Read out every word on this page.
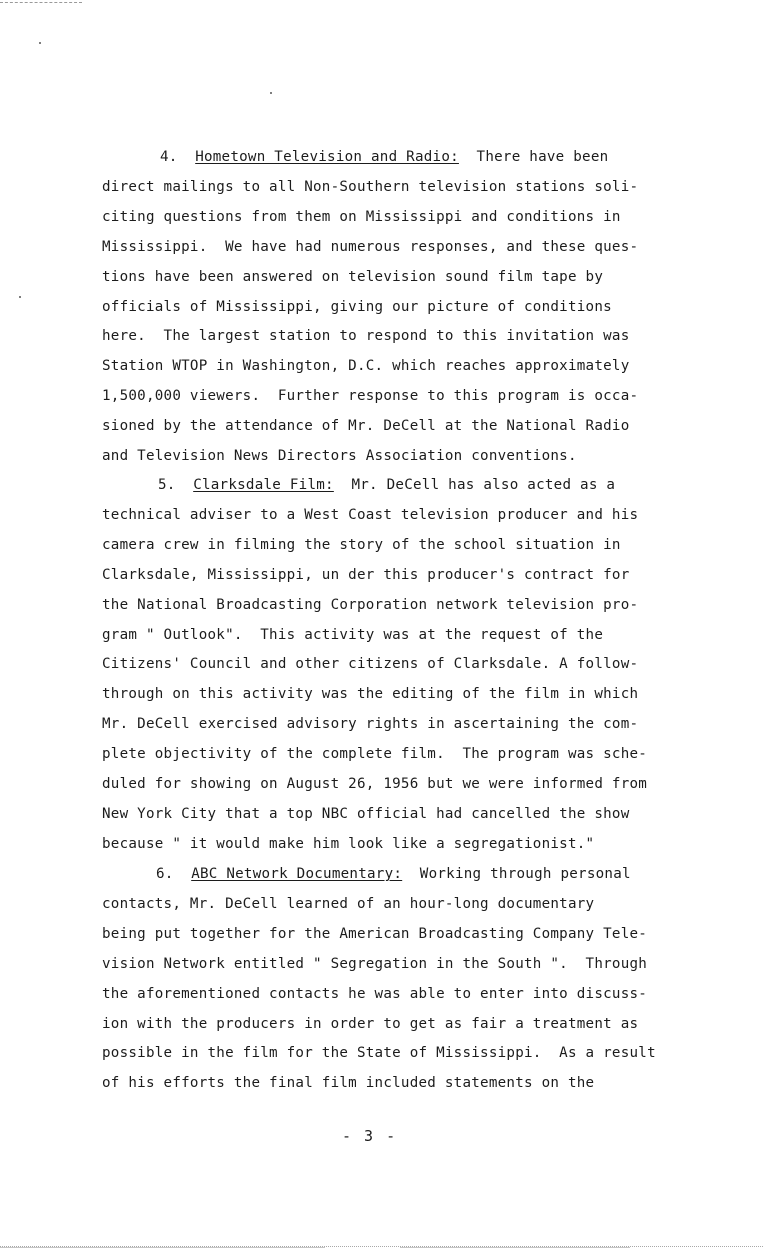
4. Hometown Television and Radio: There have been
direct mailings to all Non-Southern television stations soli-
citing questions from them on Mississippi and conditions in
Mississippi.  We have had numerous responses, and these ques-
tions have been answered on television sound film tape by
officials of Mississippi, giving our picture of conditions
here.  The largest station to respond to this invitation was
Station WTOP in Washington, D.C. which reaches approximately
1,500,000 viewers.  Further response to this program is occa-
sioned by the attendance of Mr. DeCell at the National Radio
and Television News Directors Association conventions.
5. Clarksdale Film: Mr. DeCell has also acted as a
technical adviser to a West Coast television producer and his
camera crew in filming the story of the school situation in
Clarksdale, Mississippi, un der this producer's contract for
the National Broadcasting Corporation network television pro-
gram " Outlook".  This activity was at the request of the
Citizens' Council and other citizens of Clarksdale. A follow-
through on this activity was the editing of the film in which
Mr. DeCell exercised advisory rights in ascertaining the com-
plete objectivity of the complete film.  The program was sche-
duled for showing on August 26, 1956 but we were informed from
New York City that a top NBC official had cancelled the show
because " it would make him look like a segregationist."
6. ABC Network Documentary: Working through personal
contacts, Mr. DeCell learned of an hour-long documentary
being put together for the American Broadcasting Company Tele-
vision Network entitled " Segregation in the South ".  Through
the aforementioned contacts he was able to enter into discuss-
ion with the producers in order to get as fair a treatment as
possible in the film for the State of Mississippi.  As a result
of his efforts the final film included statements on the
- 3 -
